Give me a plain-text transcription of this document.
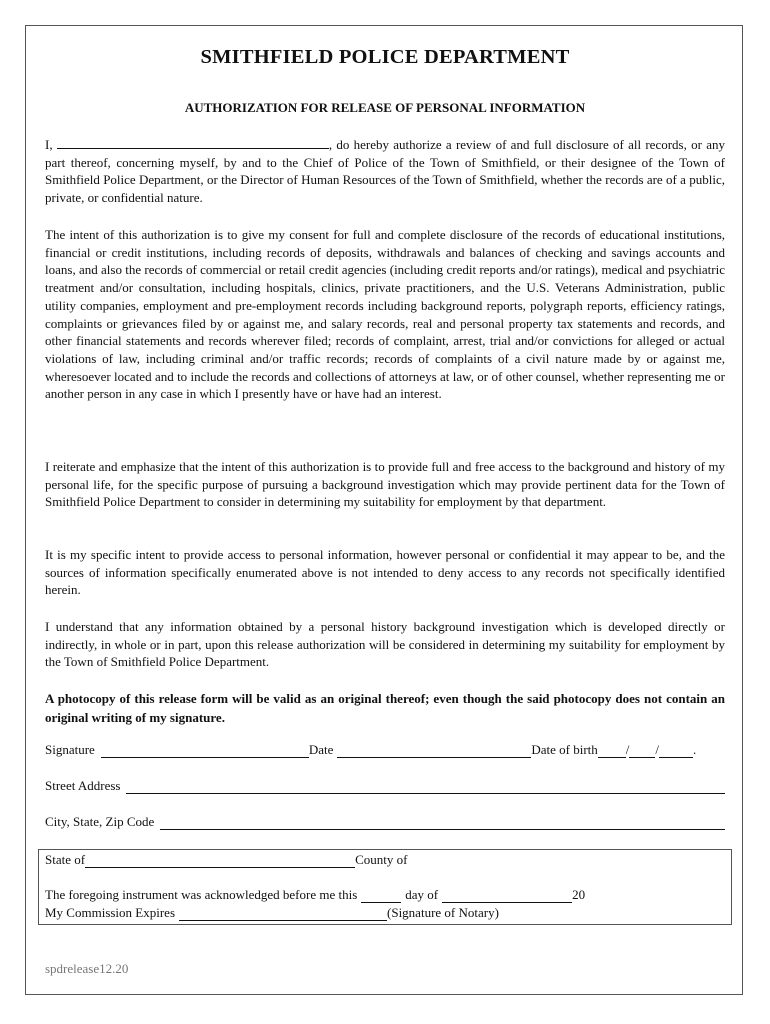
SMITHFIELD POLICE DEPARTMENT
AUTHORIZATION FOR RELEASE OF PERSONAL INFORMATION
I,	, do hereby authorize a review of and full disclosure of all records, or any part thereof, concerning myself, by and to the Chief of Police of the Town of Smithfield, or their designee of the Town of Smithfield Police Department, or the Director of Human Resources of the Town of Smithfield, whether the records are of a public, private, or confidential nature.
The intent of this authorization is to give my consent for full and complete disclosure of the records of educational institutions, financial or credit institutions, including records of deposits, withdrawals and balances of checking and savings accounts and loans, and also the records of commercial or retail credit agencies (including credit reports and/or ratings), medical and psychiatric treatment and/or consultation, including hospitals, clinics, private practitioners, and the U.S. Veterans Administration, public utility companies, employment and pre-employment records including background reports, polygraph reports, efficiency ratings, complaints or grievances filed by or against me, and salary records, real and personal property tax statements and records, and other financial statements and records wherever filed; records of complaint, arrest, trial and/or convictions for alleged or actual violations of law, including criminal and/or traffic records; records of complaints of a civil nature made by or against me, wheresoever located and to include the records and collections of attorneys at law, or of other counsel, whether representing me or another person in any case in which I presently have or have had an interest.
I reiterate and emphasize that the intent of this authorization is to provide full and free access to the background and history of my personal life, for the specific purpose of pursuing a background investigation which may provide pertinent data for the Town of Smithfield Police Department to consider in determining my suitability for employment by that department.
It is my specific intent to provide access to personal information, however personal or confidential it may appear to be, and the sources of information specifically enumerated above is not intended to deny access to any records not specifically identified herein.
I understand that any information obtained by a personal history background investigation which is developed directly or indirectly, in whole or in part, upon this release authorization will be considered in determining my suitability for employment by the Town of Smithfield Police Department.
A photocopy of this release form will be valid as an original thereof; even though the said photocopy does not contain an original writing of my signature.
Signature	Date	Date of birth / /	.
Street Address
City, State, Zip Code
State of	County of
The foregoing instrument was acknowledged before me this	day of	20
My Commission Expires	(Signature of Notary)
spdrelease12.20
